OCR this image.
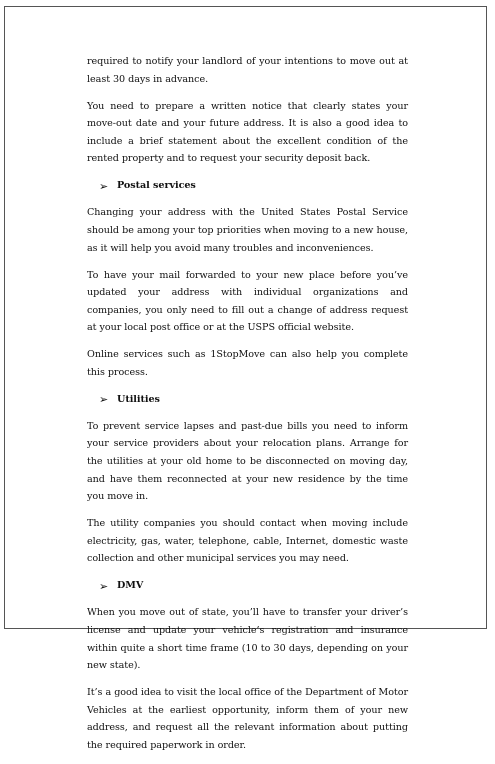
required to notify your landlord of your intentions to move out at least 30 days in advance.

You need to prepare a written notice that clearly states your move-out date and your future address. It is also a good idea to include a brief statement about the excellent condition of the rented property and to request your security deposit back.

➢ Postal services

Changing your address with the United States Postal Service should be among your top priorities when moving to a new house, as it will help you avoid many troubles and inconveniences.

To have your mail forwarded to your new place before you’ve updated your address with individual organizations and companies, you only need to fill out a change of address request at your local post office or at the USPS official website.

Online services such as 1StopMove can also help you complete this process.

➢ Utilities

To prevent service lapses and past-due bills you need to inform your service providers about your relocation plans. Arrange for the utilities at your old home to be disconnected on moving day, and have them reconnected at your new residence by the time you move in.

The utility companies you should contact when moving include electricity, gas, water, telephone, cable, Internet, domestic waste collection and other municipal services you may need.

➢ DMV

When you move out of state, you’ll have to transfer your driver’s license and update your vehicle’s registration and insurance within quite a short time frame (10 to 30 days, depending on your new state).

It’s a good idea to visit the local office of the Department of Motor Vehicles at the earliest opportunity, inform them of your new address, and request all the relevant information about putting the required paperwork in order.
